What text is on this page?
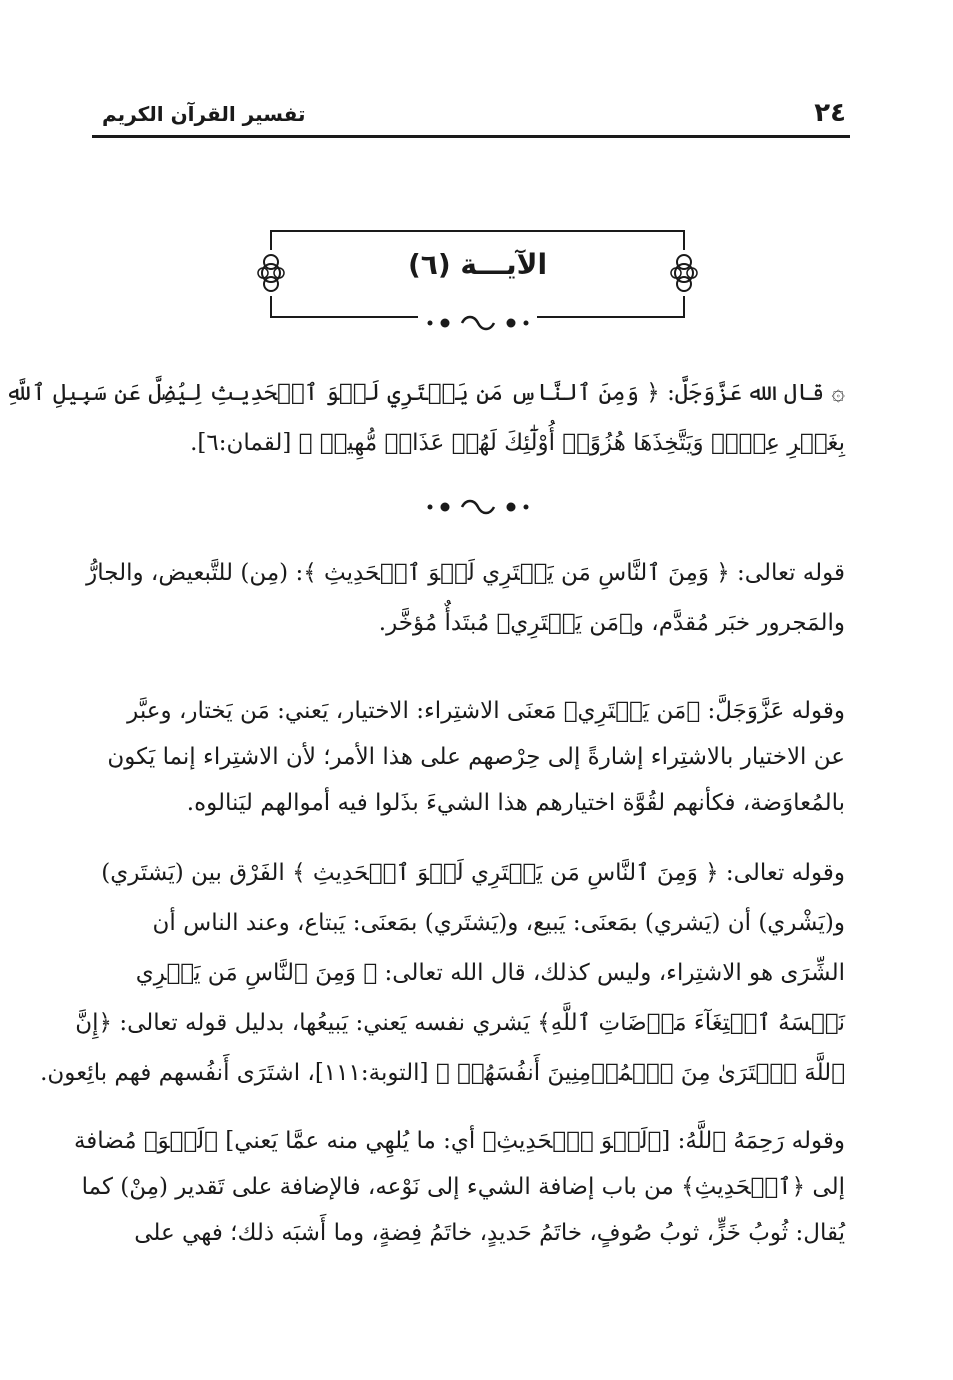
٢٤
تفسير القرآن الكريم
الآيـــة (٦)
۞ قال الله عَزَّوَجَلَّ: ﴿ وَمِنَ ٱلنَّاسِ مَن يَشۡتَرِي لَهۡوَ ٱلۡحَدِيثِ لِيُضِلَّ عَن سَبِيلِ ٱللَّهِ
بِغَيۡرِ عِلۡمٖ وَيَتَّخِذَهَا هُزُوًاۚ أُوْلَٰٓئِكَ لَهُمۡ عَذَابٞ مُّهِينٞ ﴾ [لقمان:٦].
قوله تعالى: ﴿ وَمِنَ ٱلنَّاسِ مَن يَشۡتَرِي لَهۡوَ ٱلۡحَدِيثِ ﴾: (مِن) للتَّبعيض، والجارُّ
والمَجرور خبَر مُقدَّم، و﴿مَن يَشۡتَرِي﴾ مُبتَدأٌ مُؤخَّر.
وقوله عَزَّوَجَلَّ: ﴿مَن يَشۡتَرِي﴾ مَعنَى الاشتِراء: الاختيار، يَعني: مَن يَختار، وعبَّر
عن الاختيار بالاشتِراء إشارةً إلى حِرْصهم على هذا الأمر؛ لأن الاشتِراء إنما يَكون
بالمُعاوَضة، فكأنهم لقُوَّة اختيارهم هذا الشيءَ بذَلوا فيه أموالهم ليَنالوه.
وقوله تعالى: ﴿ وَمِنَ ٱلنَّاسِ مَن يَشۡتَرِي لَهۡوَ ٱلۡحَدِيثِ ﴾ الفَرْق بين (يَشتَري)
و(يَشْري) أن (يَشري) بمَعنَى: يَبيع، و(يَشتَري) بمَعنَى: يَبتاع، وعند الناس أن
الشِّرَى هو الاشتِراء، وليس كذلك، قال الله تعالى: ﴿ وَمِنَ ٱلنَّاسِ مَن يَشۡرِي
نَفۡسَهُ ٱبۡتِغَآءَ مَرۡضَاتِ ٱللَّهِ﴾ يَشري نفسه يَعني: يَبيعُها، بدليل قوله تعالى: ﴿إِنَّ
ٱللَّهَ ٱشۡتَرَىٰ مِنَ ٱلۡمُؤۡمِنِينَ أَنفُسَهُمۡ ﴾ [التوبة:١١١]، اشتَرَى أَنفُسهم فهم بائِعون.
وقوله رَحِمَهُ ٱللَّهُ: [﴿لَهۡوَ ٱلۡحَدِيثِ﴾ أي: ما يُلهِي منه عمَّا يَعني] ﴿لَهۡوَ﴾ مُضافة
إلى ﴿ٱلۡحَدِيثِ﴾ من باب إضافة الشيء إلى نَوْعه، فالإضافة على تَقدير (مِنْ) كما
يُقال: ثُوبُ خَزٍّ، ثوبُ صُوفٍ، خاتَمُ حَديدٍ، خاتَمُ فِضةٍ، وما أَشبَه ذلك؛ فهي على
